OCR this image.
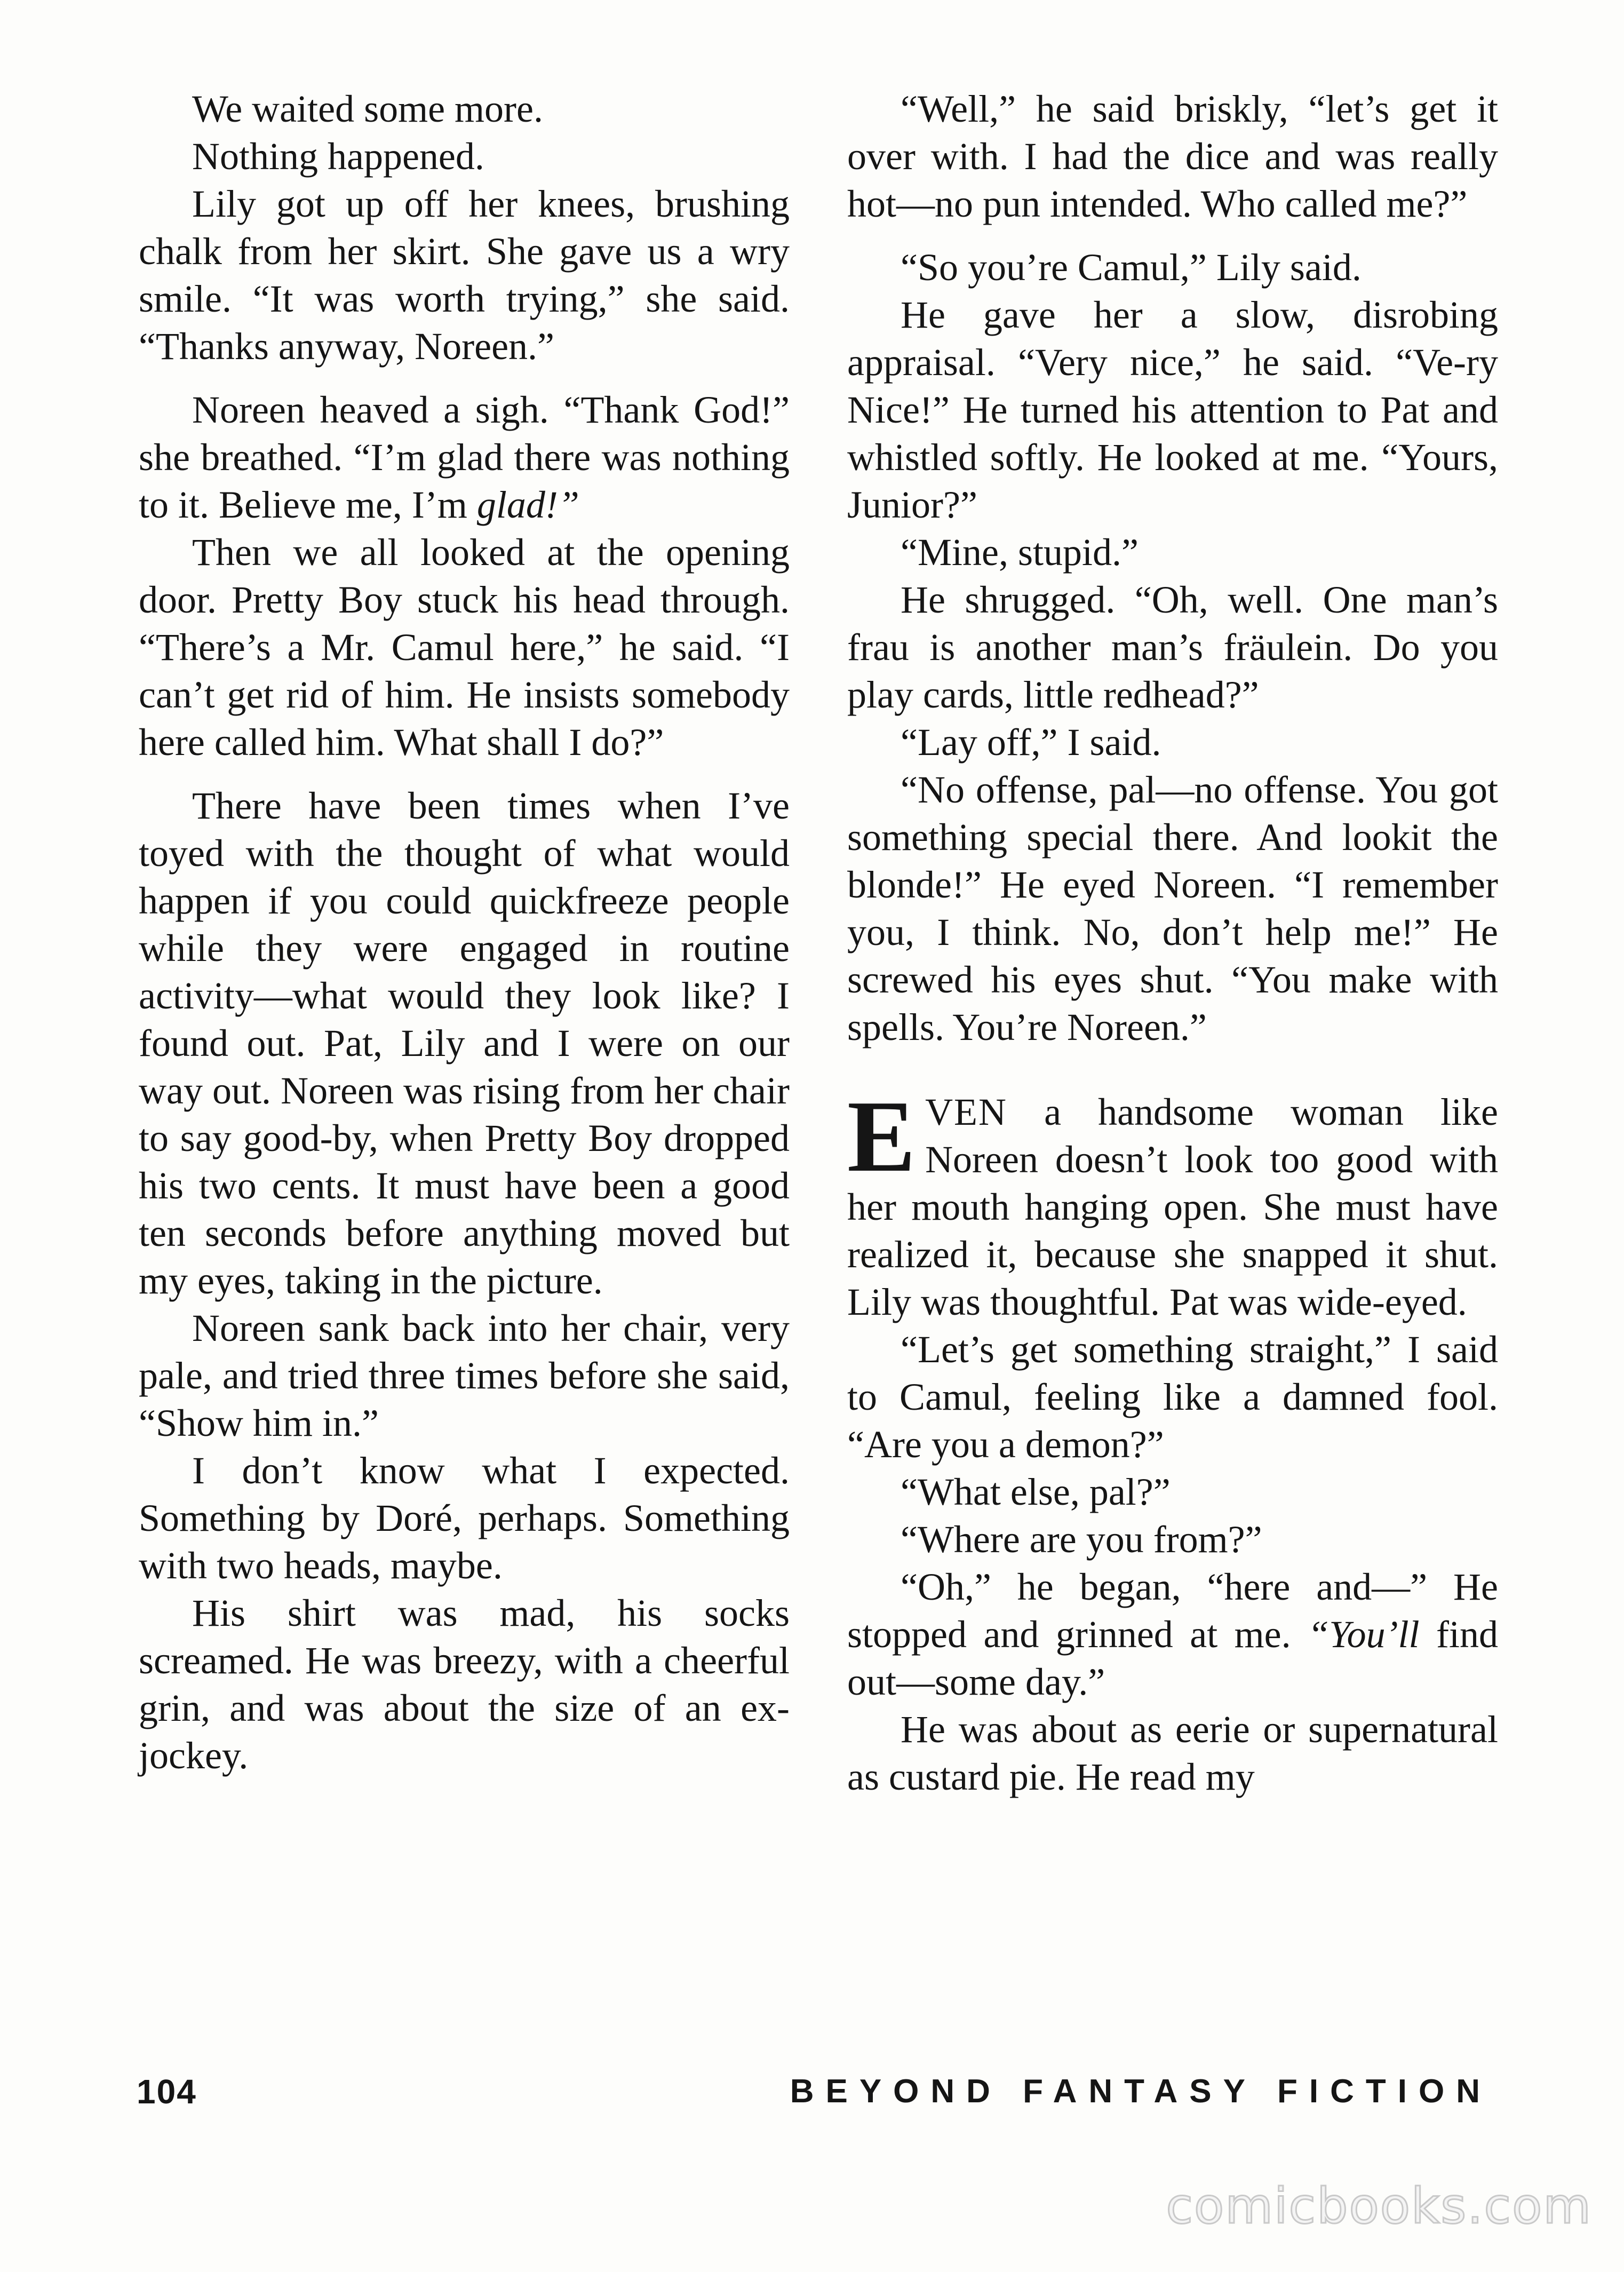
We waited some more.

Nothing happened.

Lily got up off her knees, brushing chalk from her skirt. She gave us a wry smile. “It was worth trying,” she said. “Thanks anyway, Noreen.”

Noreen heaved a sigh. “Thank God!” she breathed. “I’m glad there was nothing to it. Believe me, I’m glad!”

Then we all looked at the opening door. Pretty Boy stuck his head through. “There’s a Mr. Camul here,” he said. “I can’t get rid of him. He insists somebody here called him. What shall I do?”

There have been times when I’ve toyed with the thought of what would happen if you could quickfreeze people while they were engaged in routine activity—what would they look like? I found out. Pat, Lily and I were on our way out. Noreen was rising from her chair to say good-by, when Pretty Boy dropped his two cents. It must have been a good ten seconds before anything moved but my eyes, taking in the picture.

Noreen sank back into her chair, very pale, and tried three times before she said, “Show him in.”

I don’t know what I expected. Something by Doré, perhaps. Something with two heads, maybe.

His shirt was mad, his socks screamed. He was breezy, with a cheerful grin, and was about the size of an ex-jockey.

“Well,” he said briskly, “let’s get it over with. I had the dice and was really hot—no pun intended. Who called me?”

“So you’re Camul,” Lily said.

He gave her a slow, disrobing appraisal. “Very nice,” he said. “Ve-ry Nice!” He turned his attention to Pat and whistled softly. He looked at me. “Yours, Junior?”

“Mine, stupid.”

He shrugged. “Oh, well. One man’s frau is another man’s fräulein. Do you play cards, little redhead?”

“Lay off,” I said.

“No offense, pal—no offense. You got something special there. And lookit the blonde!” He eyed Noreen. “I remember you, I think. No, don’t help me!” He screwed his eyes shut. “You make with spells. You’re Noreen.”

EVEN a handsome woman like Noreen doesn’t look too good with her mouth hanging open. She must have realized it, because she snapped it shut. Lily was thoughtful. Pat was wide-eyed.

“Let’s get something straight,” I said to Camul, feeling like a damned fool. “Are you a demon?”

“What else, pal?”

“Where are you from?”

“Oh,” he began, “here and—” He stopped and grinned at me. “You’ll find out—some day.”

He was about as eerie or supernatural as custard pie. He read my

104	BEYOND FANTASY FICTION
comicbooks.com
